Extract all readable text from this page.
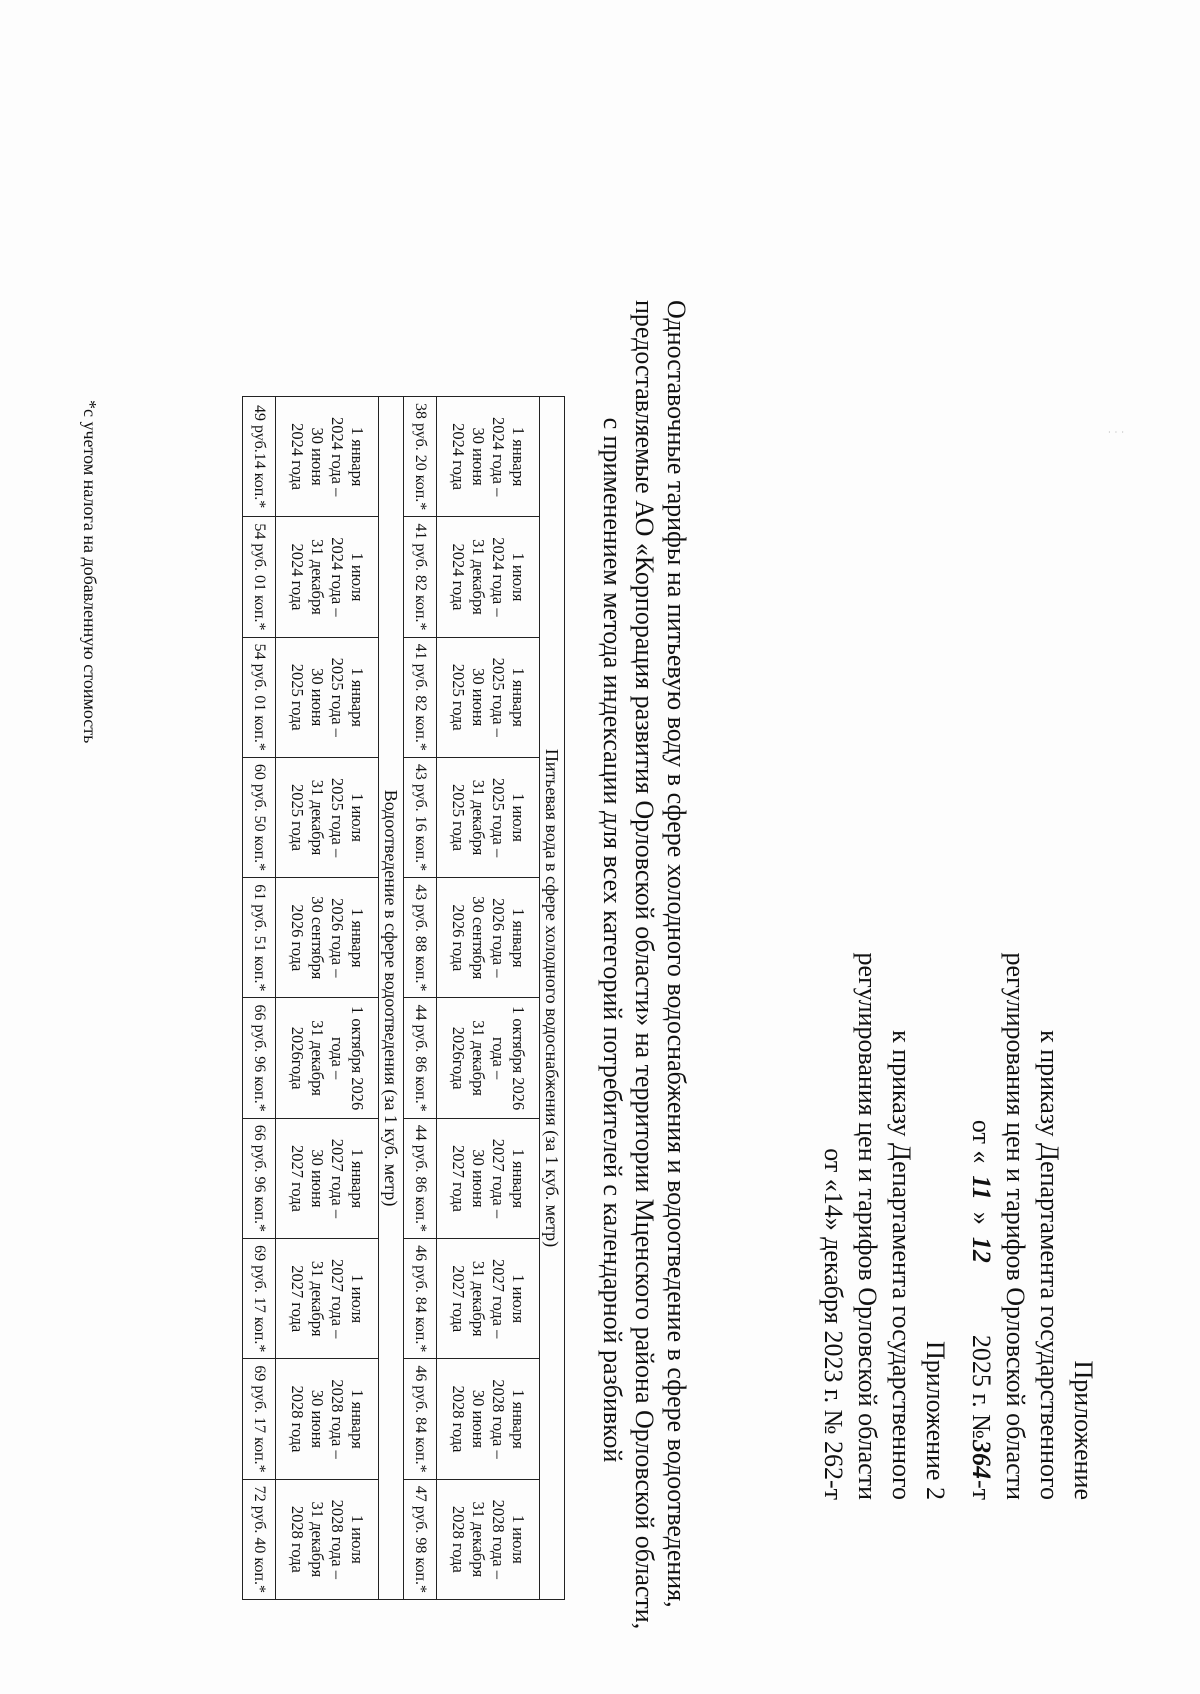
· · ·
Приложение
к приказу Департамента государственного
регулирования цен и тарифов Орловской области
от «11»122025 г. №364-т
Приложение 2
к приказу Департамента государственного
регулирования цен и тарифов Орловской области
от «14» декабря 2023 г. № 262-т
Одноставочные тарифы на питьевую воду в сфере холодного водоснабжения и водоотведение в сфере водоотведения,
предоставляемые АО «Корпорация развития Орловской области» на территории Мценского района Орловской области,
с применением метода индексации для всех категорий потребителей с календарной разбивкой
Питьевая вода в сфере холодного водоснабжения (за 1 куб. метр)									

1 января
2024 года –
30 июня
2024 года	1 июля
2024 года –
31 декабря
2024 года	1 января
2025 года –
30 июня
2025 года	1 июля
2025 года –
31 декабря
2025 года	1 января
2026 года –
30 сентября
2026 года	1 октября 2026
года –
31 декабря
2026года	1 января
2027 года –
30 июня
2027 года	1 июля
2027 года –
31 декабря
2027 года	1 января
2028 года –
30 июня
2028 года	1 июля
2028 года –
31 декабря
2028 года

38 руб. 20 коп.*	41 руб. 82 коп.*	41 руб. 82 коп.*	43 руб. 16 коп.*	43 руб. 88 коп.*	44 руб. 86 коп.*	44 руб. 86 коп.*	46 руб. 84 коп.*	46 руб. 84 коп.*	47 руб. 98 коп.*
Водоотведение в сфере водоотведения (за 1 куб. метр)									

1 января
2024 года –
30 июня
2024 года	1 июля
2024 года –
31 декабря
2024 года	1 января
2025 года –
30 июня
2025 года	1 июля
2025 года –
31 декабря
2025 года	1 января
2026 года –
30 сентября
2026 года	1 октября 2026
года –
31 декабря
2026года	1 января
2027 года –
30 июня
2027 года	1 июля
2027 года –
31 декабря
2027 года	1 января
2028 года –
30 июня
2028 года	1 июля
2028 года –
31 декабря
2028 года

49 руб.14 коп.*	54 руб. 01 коп.*	54 руб. 01 коп.*	60 руб. 50 коп.*	61 руб. 51 коп.*	66 руб. 96 коп.*	66 руб. 96 коп.*	69 руб. 17 коп.*	69 руб. 17 коп.*	72 руб. 40 коп.*
*с учетом налога на добавленную стоимость
